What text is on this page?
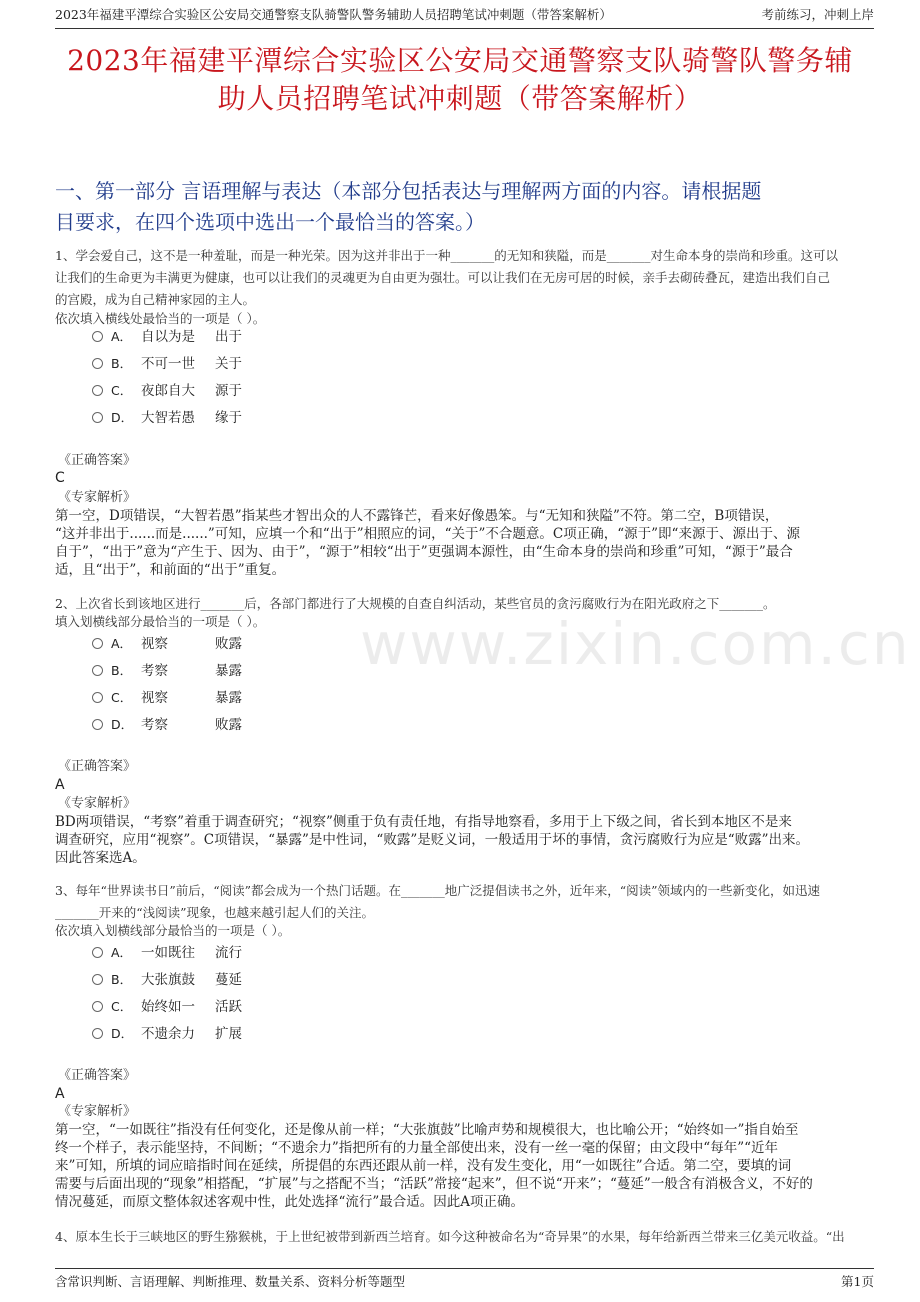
2023年福建平潭综合实验区公安局交通警察支队骑警队警务辅助人员招聘笔试冲刺题（带答案解析）	考前练习，冲刺上岸
2023年福建平潭综合实验区公安局交通警察支队骑警队警务辅
助人员招聘笔试冲刺题（带答案解析）
一、第一部分 言语理解与表达（本部分包括表达与理解两方面的内容。请根据题
目要求，在四个选项中选出一个最恰当的答案。）
www.zixin.com.cn
1、学会爱自己，这不是一种羞耻，而是一种光荣。因为这并非出于一种_______的无知和狭隘，而是_______对生命本身的崇尚和珍重。这可以
让我们的生命更为丰满更为健康，也可以让我们的灵魂更为自由更为强壮。可以让我们在无房可居的时候，亲手去砌砖叠瓦，建造出我们自己
的宫殿，成为自己精神家园的主人。
依次填入横线处最恰当的一项是（ ）。
A． 自以为是 出于
B． 不可一世 关于
C． 夜郎自大 源于
D． 大智若愚 缘于
《正确答案》
C
《专家解析》
第一空，D项错误，“大智若愚”指某些才智出众的人不露锋芒，看来好像愚笨。与“无知和狭隘”不符。第二空，B项错误，
“这并非出于......而是......”可知，应填一个和“出于”相照应的词，“关于”不合题意。C项正确，“源于”即“来源于、源出于、源
自于”，“出于”意为“产生于、因为、由于”，“源于”相较“出于”更强调本源性，由“生命本身的崇尚和珍重”可知，“源于”最合
适，且“出于”，和前面的“出于”重复。
2、上次省长到该地区进行_______后，各部门都进行了大规模的自查自纠活动，某些官员的贪污腐败行为在阳光政府之下_______。
填入划横线部分最恰当的一项是（ ）。
A． 视察	败露
B． 考察	暴露
C． 视察	暴露
D． 考察	败露
《正确答案》
A
《专家解析》
BD两项错误，“考察”着重于调查研究；“视察”侧重于负有责任地，有指导地察看，多用于上下级之间，省长到本地区不是来
调查研究，应用“视察”。C项错误，“暴露”是中性词，“败露”是贬义词，一般适用于坏的事情，贪污腐败行为应是“败露”出来。
因此答案选A。
3、每年“世界读书日”前后，“阅读”都会成为一个热门话题。在_______地广泛提倡读书之外，近年来，“阅读”领域内的一些新变化，如迅速
_______开来的“浅阅读”现象，也越来越引起人们的关注。
依次填入划横线部分最恰当的一项是（ ）。
A． 一如既往 流行
B． 大张旗鼓 蔓延
C． 始终如一 活跃
D． 不遗余力 扩展
《正确答案》
A
《专家解析》
第一空，“一如既往”指没有任何变化，还是像从前一样；“大张旗鼓”比喻声势和规模很大，也比喻公开；“始终如一”指自始至
终一个样子，表示能坚持，不间断；“不遗余力”指把所有的力量全部使出来，没有一丝一毫的保留；由文段中“每年”“近年
来”可知，所填的词应暗指时间在延续，所提倡的东西还跟从前一样，没有发生变化，用“一如既往”合适。第二空，要填的词
需要与后面出现的“现象”相搭配，“扩展”与之搭配不当；“活跃”常接“起来”，但不说“开来”；“蔓延”一般含有消极含义，不好的
情况蔓延，而原文整体叙述客观中性，此处选择“流行”最合适。因此A项正确。
4、原本生长于三峡地区的野生猕猴桃，于上世纪被带到新西兰培育。如今这种被命名为“奇异果”的水果，每年给新西兰带来三亿美元收益。“出
含常识判断、言语理解、判断推理、数量关系、资料分析等题型	第1页
